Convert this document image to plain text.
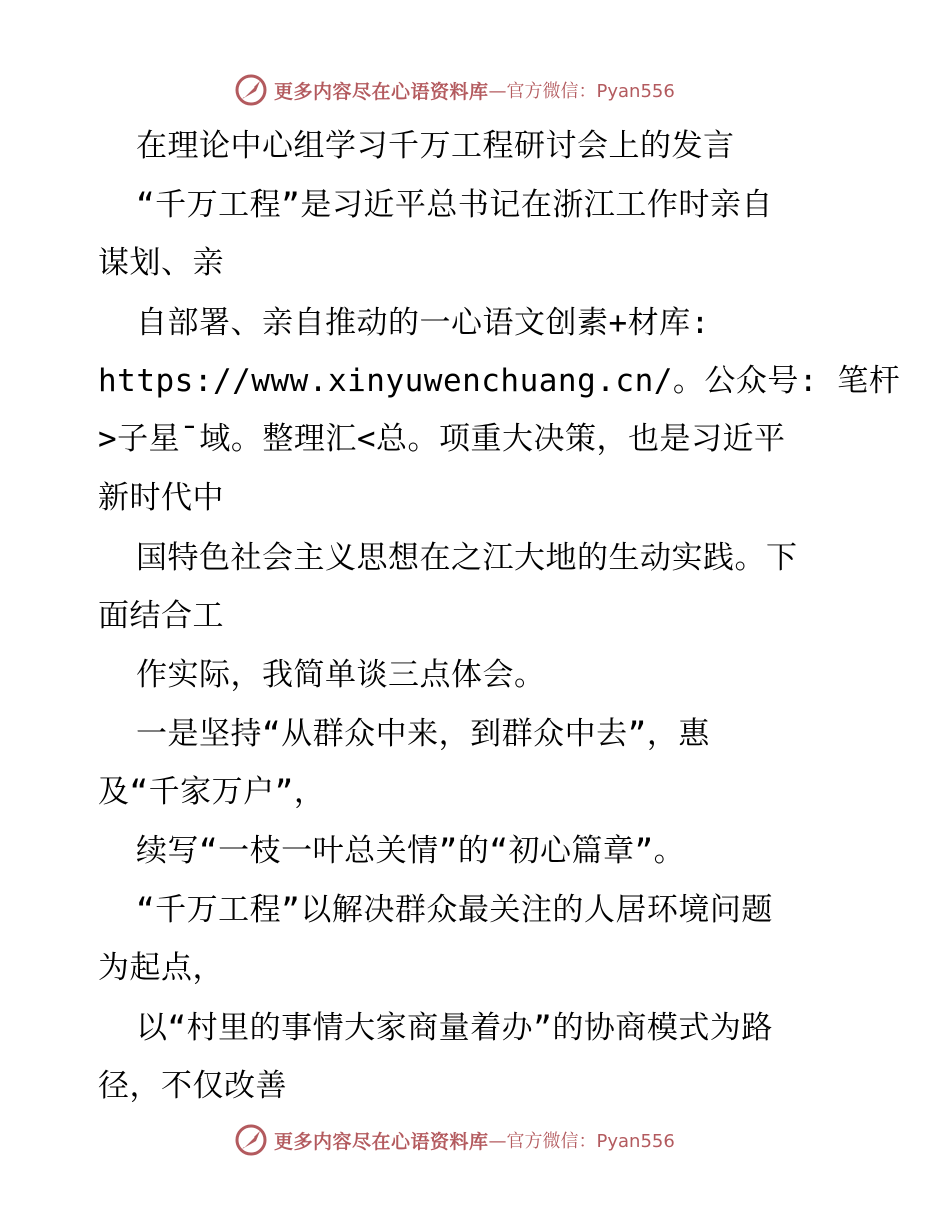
更多内容尽在心语资料库 —官方微信：Pyan556
在理论中心组学习千万工程研讨会上的发言
“千万工程”是习近平总书记在浙江工作时亲自
谋划、亲
自部署、亲自推动的一心语文创素+材库:
https://www.xinyuwenchuang.cn/。公众号: 笔杆
>子星¯域。整理汇<总。项重大决策，也是习近平
新时代中
国特色社会主义思想在之江大地的生动实践。下
面结合工
作实际，我简单谈三点体会。
一是坚持“从群众中来，到群众中去”，惠
及“千家万户”，
续写“一枝一叶总关情”的“初心篇章”。
“千万工程”以解决群众最关注的人居环境问题
为起点，
以“村里的事情大家商量着办”的协商模式为路
径，不仅改善
更多内容尽在心语资料库 —官方微信：Pyan556
